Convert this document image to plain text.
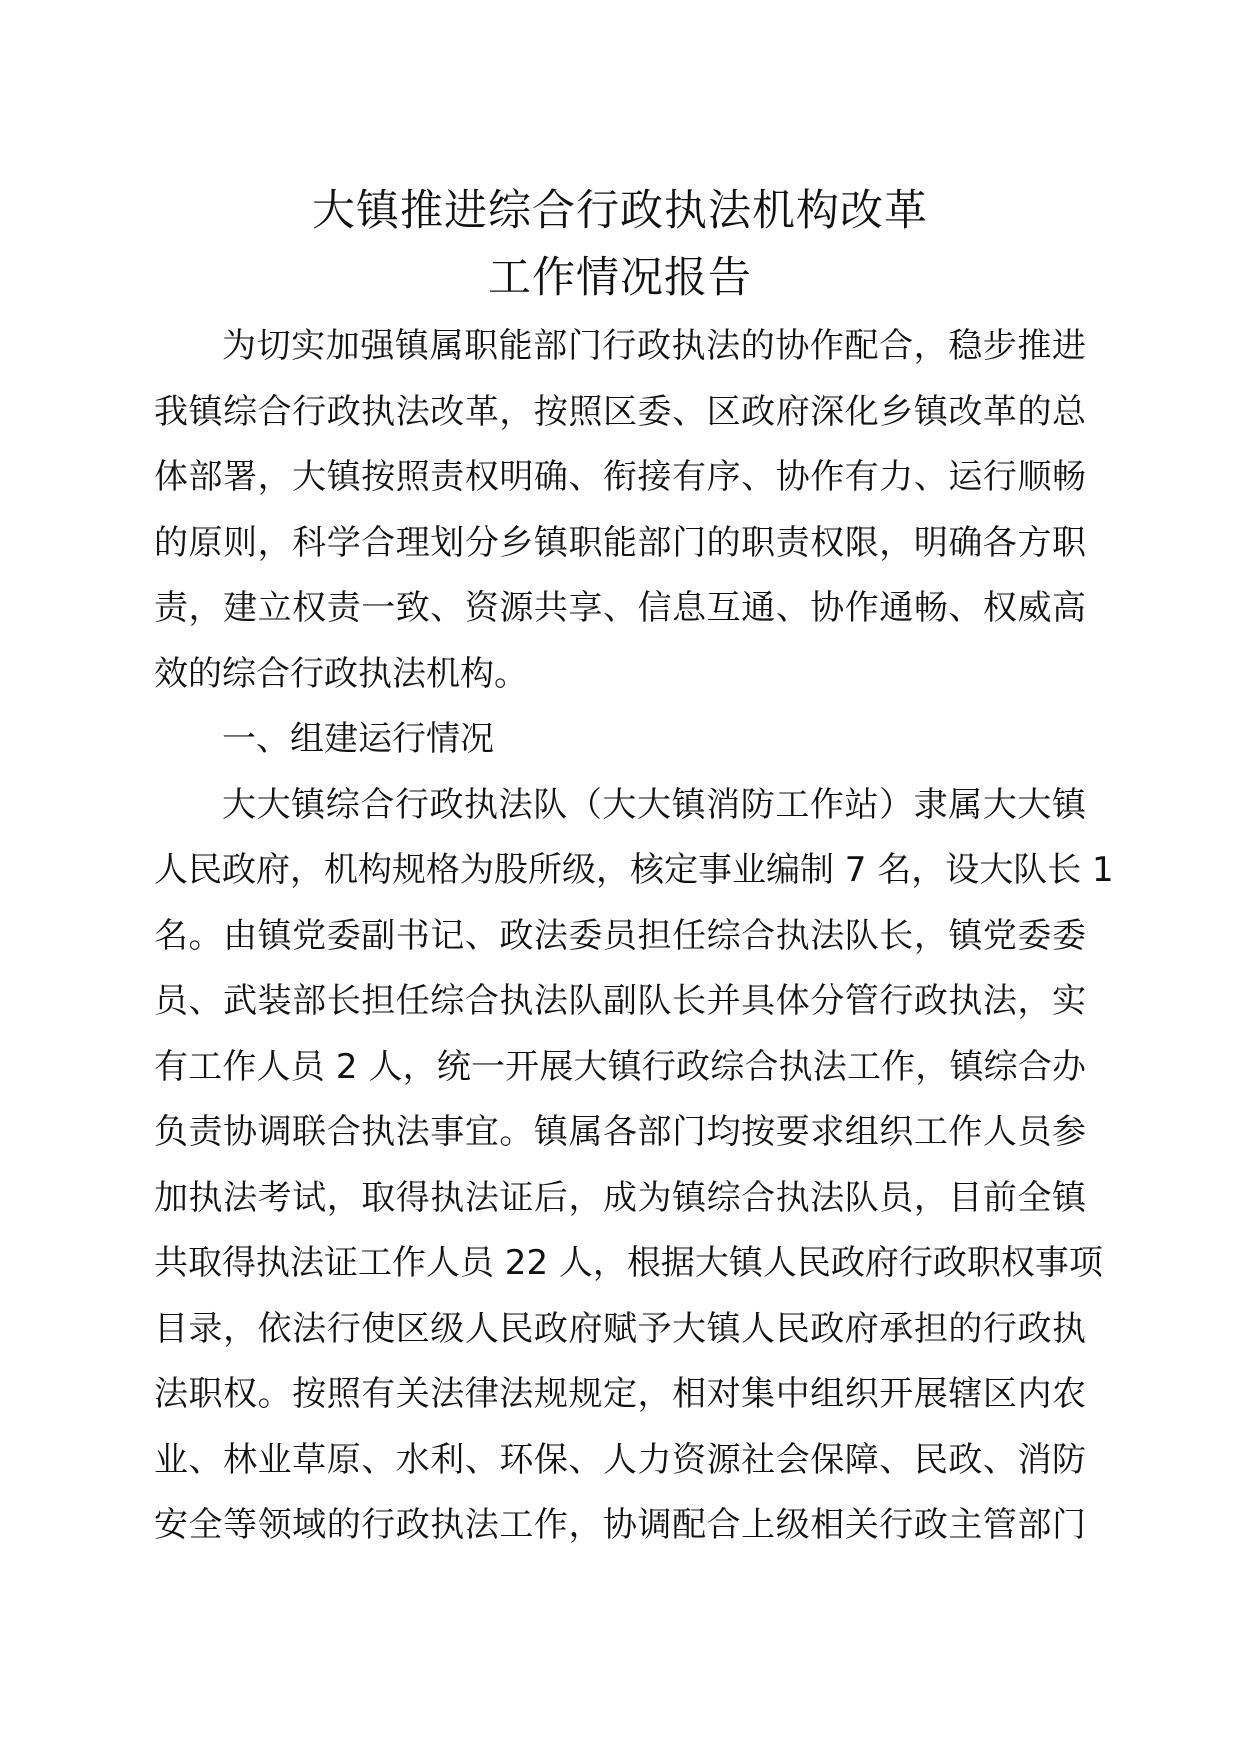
大镇推进综合行政执法机构改革
工作情况报告
为切实加强镇属职能部门行政执法的协作配合，稳步推进
我镇综合行政执法改革，按照区委、区政府深化乡镇改革的总
体部署，大镇按照责权明确、衔接有序、协作有力、运行顺畅
的原则，科学合理划分乡镇职能部门的职责权限，明确各方职
责，建立权责一致、资源共享、信息互通、协作通畅、权威高
效的综合行政执法机构。
一、组建运行情况
大大镇综合行政执法队（大大镇消防工作站）隶属大大镇
人民政府，机构规格为股所级，核定事业编制 7 名，设大队长 1
名。由镇党委副书记、政法委员担任综合执法队长，镇党委委
员、武装部长担任综合执法队副队长并具体分管行政执法，实
有工作人员 2 人，统一开展大镇行政综合执法工作，镇综合办
负责协调联合执法事宜。镇属各部门均按要求组织工作人员参
加执法考试，取得执法证后，成为镇综合执法队员，目前全镇
共取得执法证工作人员 22 人，根据大镇人民政府行政职权事项
目录，依法行使区级人民政府赋予大镇人民政府承担的行政执
法职权。按照有关法律法规规定，相对集中组织开展辖区内农
业、林业草原、水利、环保、人力资源社会保障、民政、消防
安全等领域的行政执法工作，协调配合上级相关行政主管部门
